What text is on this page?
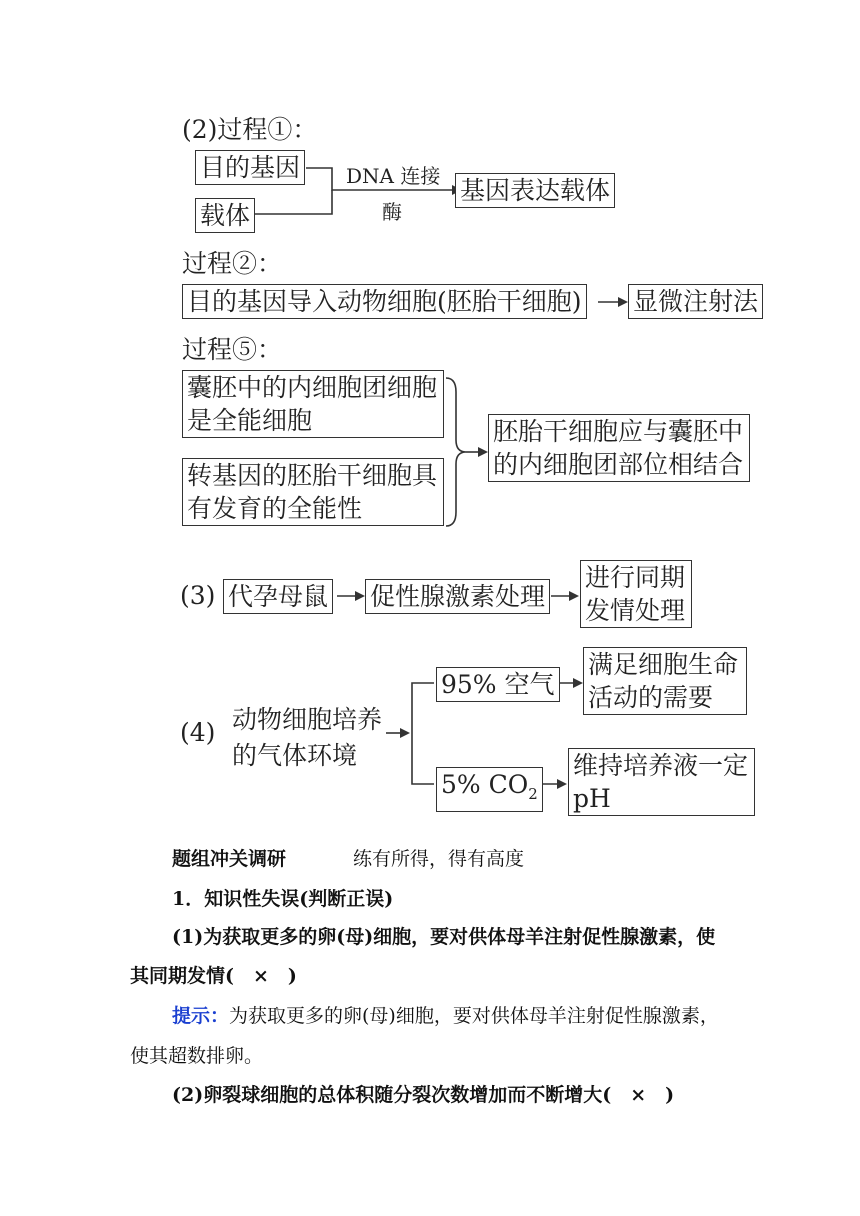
(2)过程①：
目的基因
载体
DNA 连接
酶
基因表达载体
过程②：
目的基因导入动物细胞(胚胎干细胞) 显微注射法
过程⑤：
囊胚中的内细胞团细胞
是全能细胞
转基因的胚胎干细胞具
有发育的全能性
胚胎干细胞应与囊胚中
的内细胞团部位相结合
(3) 代孕母鼠 促性腺激素处理
进行同期
发情处理
(4) 动物细胞培养
的气体环境
95% 空气
满足细胞生命
活动的需要
5% $CO_2$
维持培养液一定
pH
题组冲关调研	练有所得，得有高度
1．知识性失误(判断正误)
(1)为获取更多的卵(母)细胞，要对供体母羊注射促性腺激素，使
其同期发情(　×　)
提示：为获取更多的卵(母)细胞，要对供体母羊注射促性腺激素，
使其超数排卵。
(2)卵裂球细胞的总体积随分裂次数增加而不断增大(　×　)
